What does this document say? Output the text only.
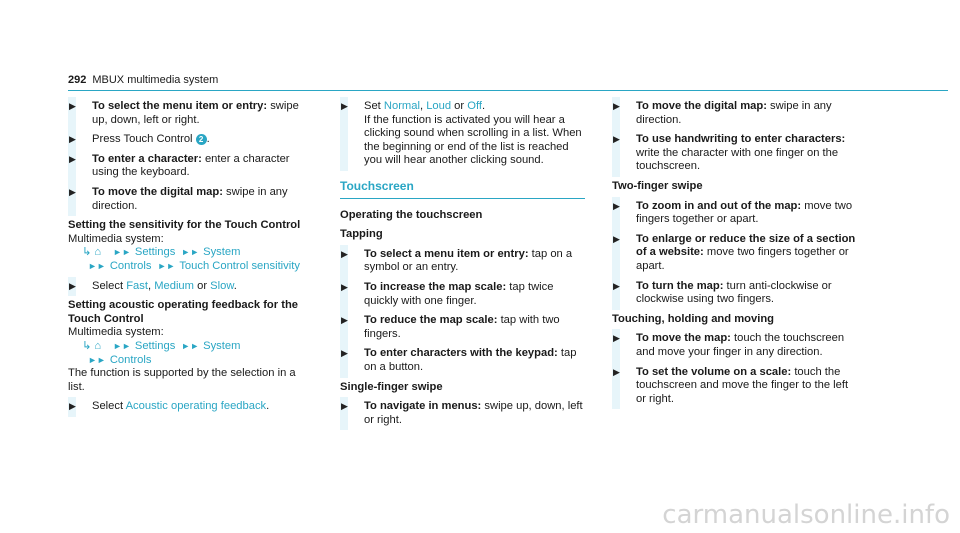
292 MBUX multimedia system
▶ To select the menu item or entry: swipe up, down, left or right.
▶ Press Touch Control 2 .
▶ To enter a character: enter a character using the keyboard.
▶ To move the digital map: swipe in any direction.
Setting the sensitivity for the Touch Control
Multimedia system:
↳ ⌂ ►► Settings ►► System
►► Controls ►► Touch Control sensitivity
▶ Select Fast, Medium or Slow.
Setting acoustic operating feedback for the Touch Control
Multimedia system:
↳ ⌂ ►► Settings ►► System
►► Controls
The function is supported by the selection in a list.
▶ Select Acoustic operating feedback.
▶ Set Normal, Loud or Off.
If the function is activated you will hear a clicking sound when scrolling in a list. When the beginning or end of the list is reached you will hear another clicking sound.
Touchscreen
Operating the touchscreen
Tapping
▶ To select a menu item or entry: tap on a symbol or an entry.
▶ To increase the map scale: tap twice quickly with one finger.
▶ To reduce the map scale: tap with two fingers.
▶ To enter characters with the keypad: tap on a button.
Single-finger swipe
▶ To navigate in menus: swipe up, down, left or right.
▶ To move the digital map: swipe in any direction.
▶ To use handwriting to enter characters: write the character with one finger on the touchscreen.
Two-finger swipe
▶ To zoom in and out of the map: move two fingers together or apart.
▶ To enlarge or reduce the size of a section of a website: move two fingers together or apart.
▶ To turn the map: turn anti-clockwise or clockwise using two fingers.
Touching, holding and moving
▶ To move the map: touch the touchscreen and move your finger in any direction.
▶ To set the volume on a scale: touch the touchscreen and move the finger to the left or right.
carmanualsonline.info
